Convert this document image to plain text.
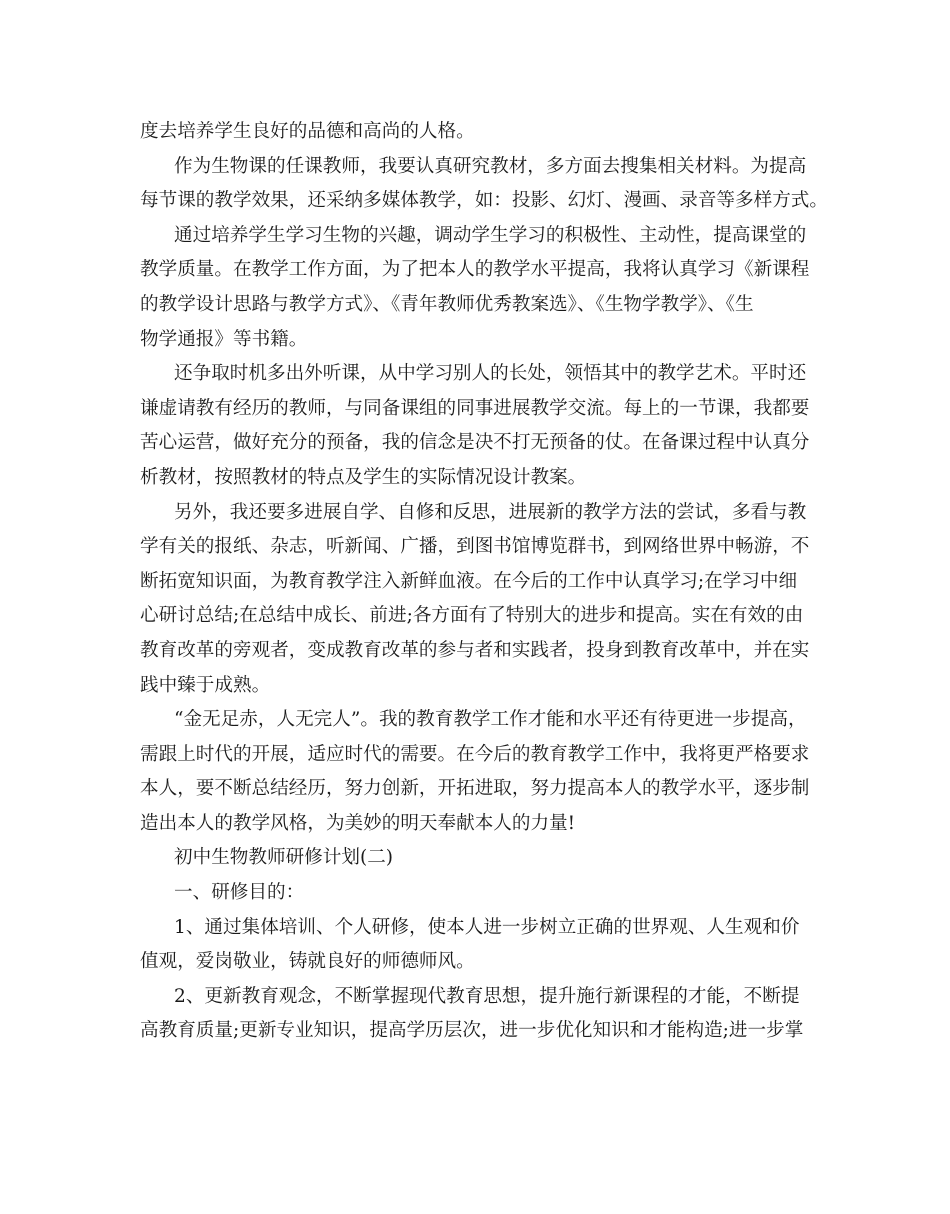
度去培养学生良好的品德和高尚的人格。
作为生物课的任课教师，我要认真研究教材，多方面去搜集相关材料。为提高
每节课的教学效果，还采纳多媒体教学，如：投影、幻灯、漫画、录音等多样方式。
通过培养学生学习生物的兴趣，调动学生学习的积极性、主动性，提高课堂的
教学质量。在教学工作方面，为了把本人的教学水平提高，我将认真学习《新课程
的教学设计思路与教学方式》、《青年教师优秀教案选》、《生物学教学》、《生
物学通报》等书籍。
还争取时机多出外听课，从中学习别人的长处，领悟其中的教学艺术。平时还
谦虚请教有经历的教师，与同备课组的同事进展教学交流。每上的一节课，我都要
苦心运营，做好充分的预备，我的信念是决不打无预备的仗。在备课过程中认真分
析教材，按照教材的特点及学生的实际情况设计教案。
另外，我还要多进展自学、自修和反思，进展新的教学方法的尝试，多看与教
学有关的报纸、杂志，听新闻、广播，到图书馆博览群书，到网络世界中畅游，不
断拓宽知识面，为教育教学注入新鲜血液。在今后的工作中认真学习;在学习中细
心研讨总结;在总结中成长、前进;各方面有了特别大的进步和提高。实在有效的由
教育改革的旁观者，变成教育改革的参与者和实践者，投身到教育改革中，并在实
践中臻于成熟。
“金无足赤，人无完人”。我的教育教学工作才能和水平还有待更进一步提高，
需跟上时代的开展，适应时代的需要。在今后的教育教学工作中，我将更严格要求
本人，要不断总结经历，努力创新，开拓进取，努力提高本人的教学水平，逐步制
造出本人的教学风格，为美妙的明天奉献本人的力量!
初中生物教师研修计划(二)
一、研修目的：
1、通过集体培训、个人研修，使本人进一步树立正确的世界观、人生观和价
值观，爱岗敬业，铸就良好的师德师风。
2、更新教育观念，不断掌握现代教育思想，提升施行新课程的才能，不断提
高教育质量;更新专业知识，提高学历层次，进一步优化知识和才能构造;进一步掌
